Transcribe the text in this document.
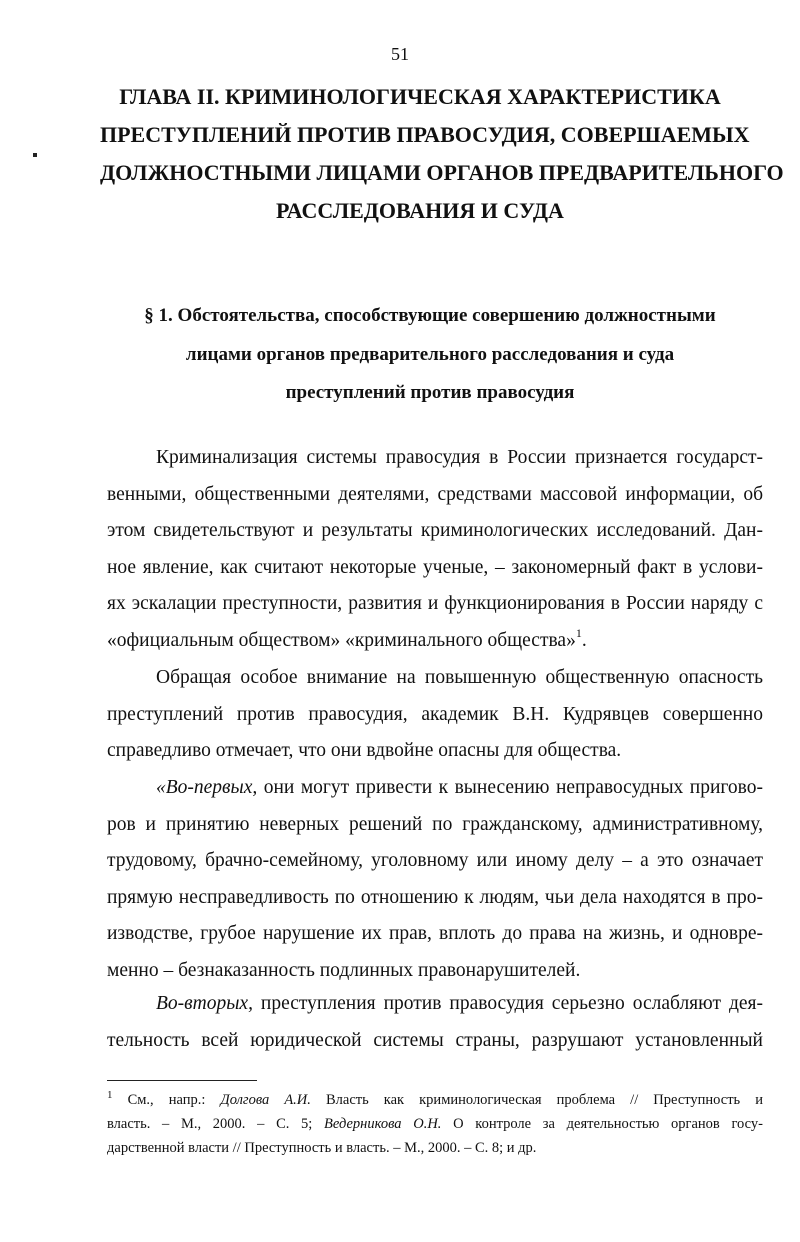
51
ГЛАВА II. КРИМИНОЛОГИЧЕСКАЯ ХАРАКТЕРИСТИКА
ПРЕСТУПЛЕНИЙ ПРОТИВ ПРАВОСУДИЯ, СОВЕРШАЕМЫХ
ДОЛЖНОСТНЫМИ ЛИЦАМИ ОРГАНОВ ПРЕДВАРИТЕЛЬНОГО
РАССЛЕДОВАНИЯ И СУДА
§ 1. Обстоятельства, способствующие совершению должностными
лицами органов предварительного расследования и суда
преступлений против правосудия
Криминализация системы правосудия в России признается государст-
венными, общественными деятелями, средствами массовой информации, об
этом свидетельствуют и результаты криминологических исследований. Дан-
ное явление, как считают некоторые ученые, – закономерный факт в услови-
ях эскалации преступности, развития и функционирования в России наряду с
«официальным обществом» «криминального общества»$^1$.
Обращая особое внимание на повышенную общественную опасность
преступлений против правосудия, академик В.Н. Кудрявцев совершенно
справедливо отмечает, что они вдвойне опасны для общества.
«Во-первых, они могут привести к вынесению неправосудных пригово-
ров и принятию неверных решений по гражданскому, административному,
трудовому, брачно-семейному, уголовному или иному делу – а это означает
прямую несправедливость по отношению к людям, чьи дела находятся в про-
изводстве, грубое нарушение их прав, вплоть до права на жизнь, и одновре-
менно – безнаказанность подлинных правонарушителей.
Во-вторых, преступления против правосудия серьезно ослабляют дея-
тельность всей юридической системы страны, разрушают установленный
$^1$ См., напр.: Долгова А.И. Власть как криминологическая проблема // Преступность и
власть. – М., 2000. – С. 5; Ведерникова О.Н. О контроле за деятельностью органов госу-
дарственной власти // Преступность и власть. – М., 2000. – С. 8; и др.
